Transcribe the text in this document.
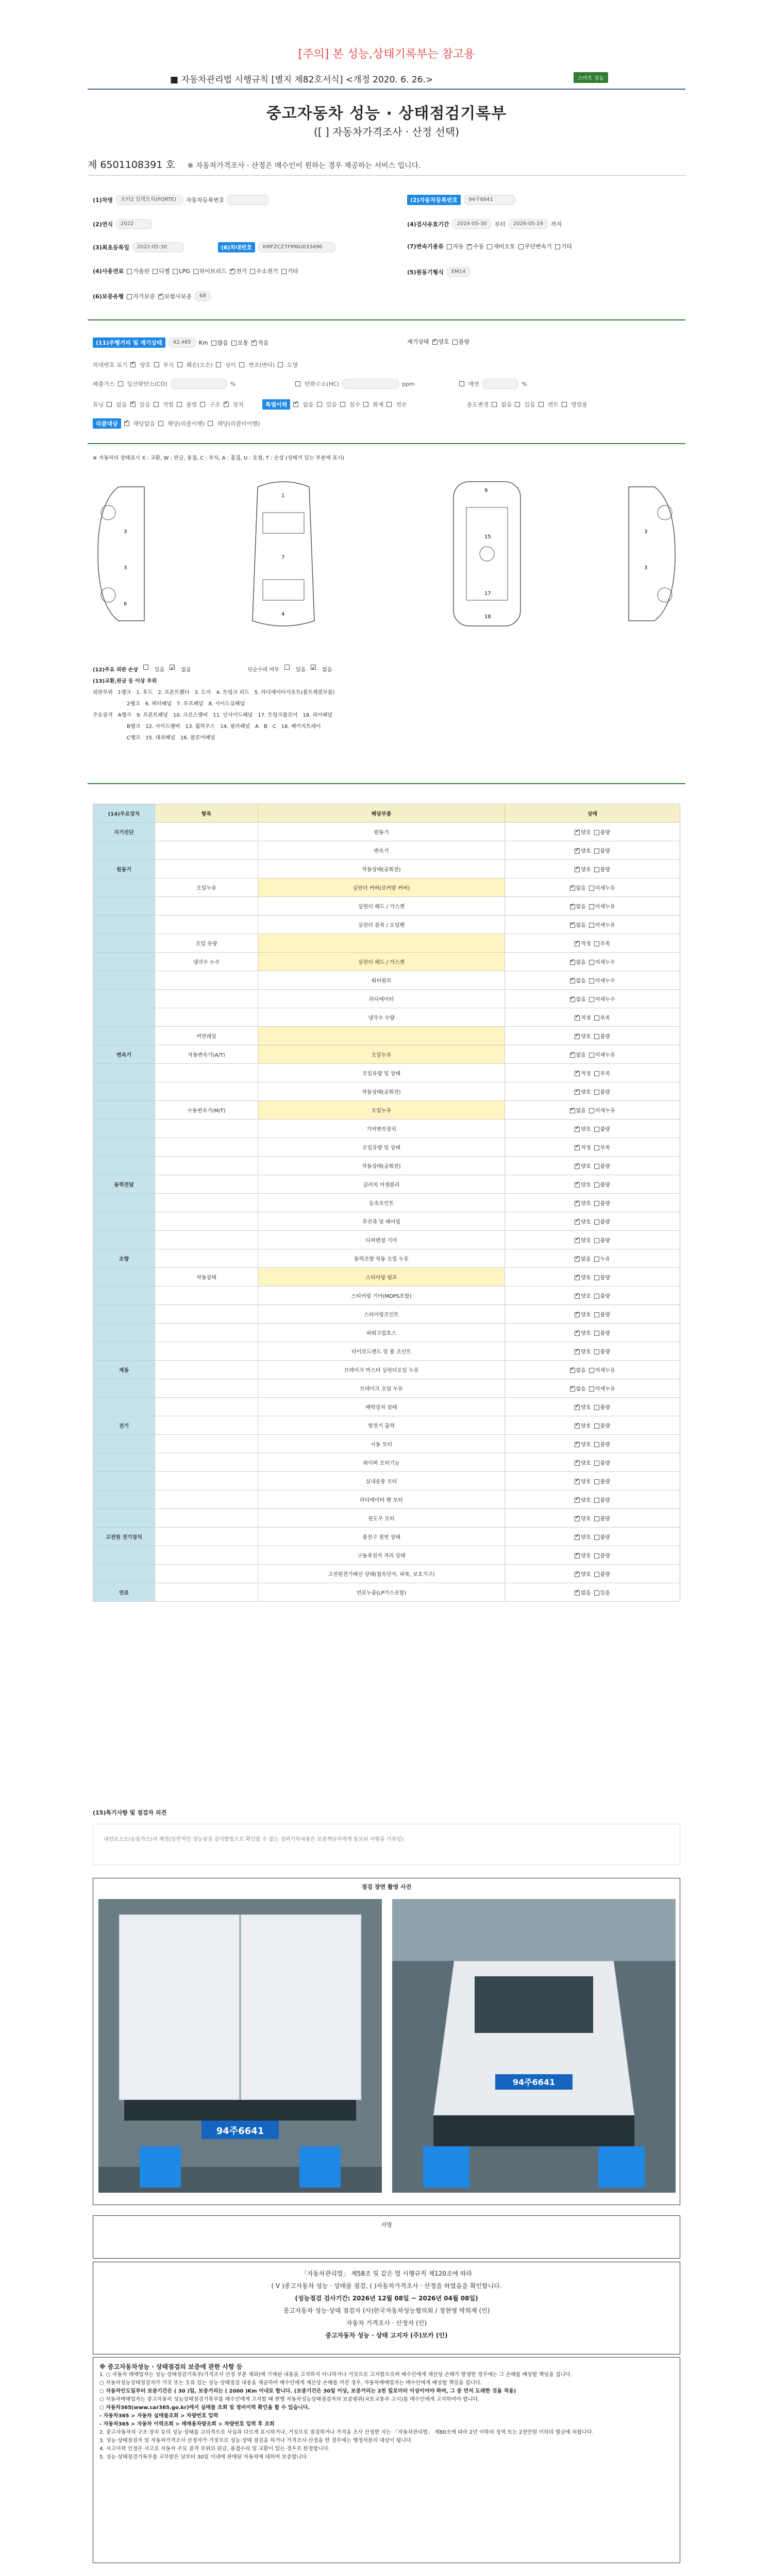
[주의] 본 성능,상태기록부는 참고용
■ 자동차관리법 시행규칙 [별지 제82호서식] <개정 2020. 6. 26.>	스마트 성능
중고자동차 성능 · 상태점검기록부
([ ] 자동차가격조사 · 산정 선택)
제 6501108391 호 ※ 자동차가격조사 · 산정은 매수인이 원하는 경우 제공하는 서비스 입니다.
(1)차명	포터2 일렉트릭(PORTE)	자동차등록번호	(2)자동차등록번호	94주6641
(2)연식	2022	(4)검사유효기간	2024-05-30	부터	2026-05-29	까지
(3)최초등록일	2022-05-30	(6)차대번호	KMFZCZ7FMNU033496	(7)변속기종류	자동 ✓	수동	세미오토	무단변속기	기타
(4)사용연료	가솔린	디젤	LPG	하이브리드 ✓	전기	수소전기	기타	(5)원동기형식	EM14
(6)보증유형	자가보증 ✓	보험사보증	68
(11)주행거리 및 계기상태	42,465	Km	많음	보통 ✓	적음	계기상태 ✓	양호	불량
차대번호 표기 ✓ 양호 부식 훼손(오손) 상이 변조(변타) 도말
배출가스 일산화탄소(CO)	%	탄화수소(HC)	ppm	매연	%
튜닝 없음 ✓ 있음 적법 불법 구조 ✓ 장치	특별이력 ✓	없음 있음 침수 화재 전손	용도변경 없음 있음 렌트 영업용
리콜대상 ✓	해당없음 해당(리콜이행) 해당(리콜미이행)
※ 자동차의 상태표시 X : 교환, W : 판금, 용접, C : 부식, A : 흠집, U : 요철, T : 손상 (상태가 있는 부분에 표시)
3
3
6
1
7
4
9
15
17
18
3
3
(12)주요 외판 손상	있음 ✓	없음	단순수리 여부	있음 ✓	없음
(13)교환,판금 등 이상 부위
외판부위 1랭크 1. 후드 2. 프론트휀더 3. 도어 4. 트렁크 리드 5. 라디에이터서포트(볼트체결부품)
2랭크 6. 쿼터패널 7. 루프패널 8. 사이드실패널
주요골격 A랭크 9. 프론트패널 10. 크로스멤버 11. 인사이드패널 17. 트렁크플로어 18. 리어패널
B랭크 12. 사이드멤버 13. 휠하우스 14. 필러패널 A B C 16. 패키지트레이
C랭크 15. 대쉬패널 16. 플로어패널
(14)주요장치	항목	해당부품	상태
자기진단		원동기	✓양호 불량
		변속기	✓양호 불량
원동기		작동상태(공회전)	✓양호 불량
	오일누유	실린더 커버(로커암 커버)	✓없음 미세누유
		실린더 헤드 / 가스켓	✓없음 미세누유
		실린더 블록 / 오일팬	✓없음 미세누유
	오일 유량		✓적정 부족
	냉각수 누수	실린더 헤드 / 가스켓	✓없음 미세누수
		워터펌프	✓없음 미세누수
		라디에이터	✓없음 미세누수
		냉각수 수량	✓적정 부족
	커먼레일		✓양호 불량
변속기	자동변속기(A/T)	오일누유	✓없음 미세누유
		오일유량 및 상태	✓적정 부족
		작동상태(공회전)	✓양호 불량
	수동변속기(M/T)	오일누유	✓없음 미세누유
		기어변속장치	✓양호 불량
		오일유량 및 상태	✓적정 부족
		작동상태(공회전)	✓양호 불량
동력전달		클러치 어셈블리	✓양호 불량
		등속조인트	✓양호 불량
		추진축 및 베어링	✓양호 불량
		디퍼렌셜 기어	✓양호 불량
조향		동력조향 작동 오일 누유	✓없음 누유
	작동상태	스티어링 펌프	✓양호 불량
		스티어링 기어(MDPS포함)	✓양호 불량
		스티어링조인트	✓양호 불량
		파워고압호스	✓양호 불량
		타이로드엔드 및 볼 조인트	✓양호 불량
제동		브레이크 마스터 실린더오일 누유	✓없음 미세누유
		브레이크 오일 누유	✓없음 미세누유
		배력장치 상태	✓양호 불량
전기		발전기 출력	✓양호 불량
		시동 모터	✓양호 불량
		와이퍼 모터기능	✓양호 불량
		실내송풍 모터	✓양호 불량
		라디에이터 팬 모터	✓양호 불량
		윈도우 모터	✓양호 불량
고전원 전기장치		충전구 절연 상태	✓양호 불량
		구동축전지 격리 상태	✓양호 불량
		고전원전기배선 상태(접속단자, 피복, 보호기구)	✓양호 불량
연료		연료누출(LP가스포함)	✓없음 있음
(15)특기사항 및 점검자 의견
내연료소모(승용가스)의 체결(일반적인 성능점검 검사방법으로 확인할 수 없는 정비기록내용은 보증책임자에게 통보된 사항을 기록됨)
점검 장면 촬영 사진
94주6641
94주6641
서명
「자동차관리법」 제58조 및 같은 법 시행규칙 제120조에 따라
( V )중고자동차 성능 · 상태를 점검, ( )자동차가격조사 · 산정을 하였음을 확인합니다.
(성능점검 검사기간: 2026년 12월 08일 ~ 2026년 04월 08일)
중고자동차 성능·상태 점검자 (사)한국자동차성능협의회 / 정현영 박희재 (인)
자동차 가격조사 · 산정자 (인)
중고자동차 성능 · 상태 고지자 (주)모카 (인)
※ 중고자동차성능 · 상태점검의 보증에 관한 사항 등
1. ○ 자동차 매매업자는 성능·상태점검기록부(가격조사 산정 부분 제외)에 기재된 내용을 고지하지 아니하거나 거짓으로 고지함으로써 매수인에게 재산상 손해가 발생한 경우에는 그 손해를 배상할 책임을 집니다.
○ 자동차성능상태점검자가 거짓 또는 오류 있는 성능·상태점검 내용을 제공하여 매수인에게 재산상 손해를 끼친 경우, 자동차매매업자는 매수인에게 배상할 책임을 집니다.
○ 자동차인도일부터 보증기간은 ( 30 )일, 보증거리는 ( 2000 )Km 이내로 합니다. (보증기간은 30일 이상, 보증거리는 2천 킬로미터 이상이어야 하며, 그 중 먼저 도래한 것을 적용)
○ 자동차매매업자는 중고자동차 성능상태점검기록부를 매수인에게 고지할 때 현행 자동차성능상태점검자의 보증범위(국토교통부 고시)를 매수인에게 고지하여야 합니다.
○ 자동차365(www.car365.go.kr)에서 실매물 조회 및 정비이력 확인을 할 수 있습니다.
- 자동차365 > 자동차 실매물조회 > 차량번호 입력
- 자동차365 > 자동차 이력조회 > 매매용차량조회 > 차량번호 입력 후 조회
2. 중고자동차의 구조·장치 등의 성능·상태를 고의적으로 사실과 다르게 표시하거나, 거짓으로 점검하거나 가격을 조사 산정한 자는 「자동차관리법」 제80조에 따라 2년 이하의 징역 또는 2천만원 이하의 벌금에 처합니다.
3. 성능·상태점검자 및 자동차가격조사 산정자가 거짓으로 성능·상태 점검을 하거나 가격조사·산정을 한 경우에는 행정처분의 대상이 됩니다.
4. 사고이력 인정은 사고로 자동차 주요 골격 부위의 판금, 용접수리 및 교환이 있는 경우로 한정합니다.
5. 성능·상태점검기록부를 교부받은 날부터 30일 이내에 판매된 자동차에 대하여 보증합니다.
